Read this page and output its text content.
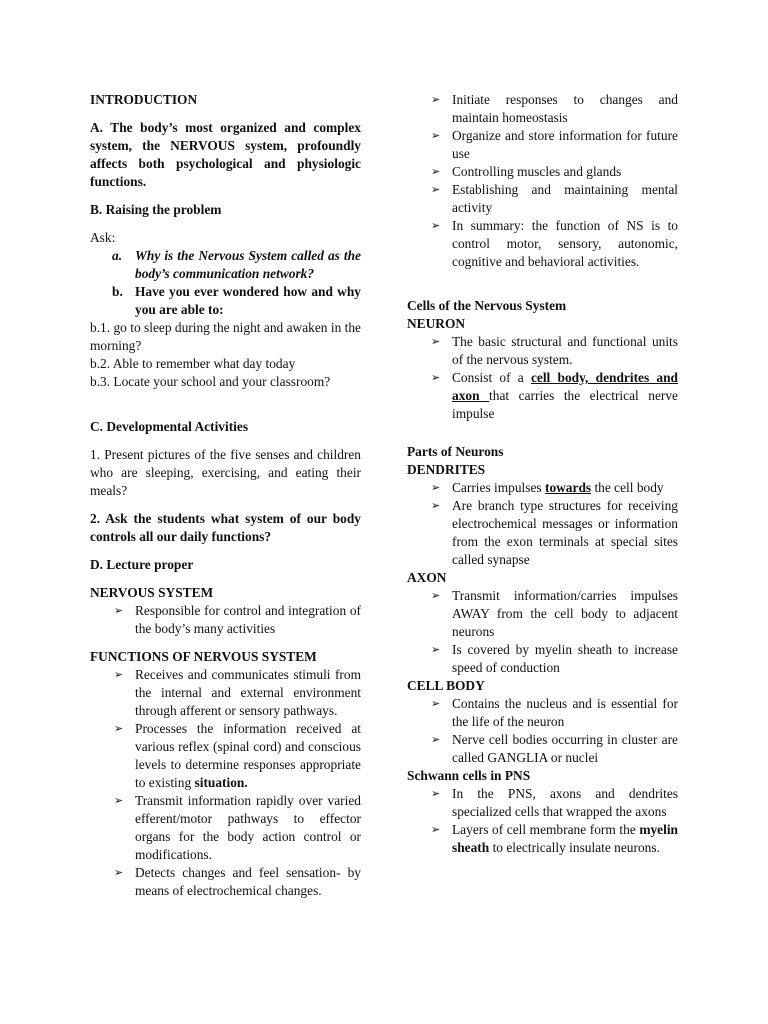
INTRODUCTION

A. The body’s most organized and complex system, the NERVOUS system, profoundly affects both psychological and physiologic functions.

B. Raising the problem

Ask:

a. Why is the Nervous System called as the body’s communication network?
b. Have you ever wondered how and why you are able to:

b.1. go to sleep during the night and awaken in the morning?

b.2. Able to remember what day today

b.3. Locate your school and your classroom?

C. Developmental Activities

1. Present pictures of the five senses and children who are sleeping, exercising, and eating their meals?

2. Ask the students what system of our body controls all our daily functions?

D. Lecture proper

NERVOUS SYSTEM

➢ Responsible for control and integration of the body’s many activities

FUNCTIONS OF NERVOUS SYSTEM

➢ Receives and communicates stimuli from the internal and external environment through afferent or sensory pathways.
➢ Processes the information received at various reflex (spinal cord) and conscious levels to determine responses appropriate to existing situation.
➢ Transmit information rapidly over varied efferent/motor pathways to effector organs for the body action control or modifications.
➢ Detects changes and feel sensation- by means of electrochemical changes.
➢ Initiate responses to changes and maintain homeostasis
➢ Organize and store information for future use
➢ Controlling muscles and glands
➢ Establishing and maintaining mental activity
➢ In summary: the function of NS is to control motor, sensory, autonomic, cognitive and behavioral activities.

Cells of the Nervous System

NEURON

➢ The basic structural and functional units of the nervous system.
➢ Consist of a cell body, dendrites and axon that carries the electrical nerve impulse

Parts of Neurons

DENDRITES

➢ Carries impulses towards the cell body
➢ Are branch type structures for receiving electrochemical messages or information from the exon terminals at special sites called synapse

AXON

➢ Transmit information/carries impulses AWAY from the cell body to adjacent neurons
➢ Is covered by myelin sheath to increase speed of conduction

CELL BODY

➢ Contains the nucleus and is essential for the life of the neuron
➢ Nerve cell bodies occurring in cluster are called GANGLIA or nuclei

Schwann cells in PNS

➢ In the PNS, axons and dendrites specialized cells that wrapped the axons
➢ Layers of cell membrane form the myelin sheath to electrically insulate neurons.
